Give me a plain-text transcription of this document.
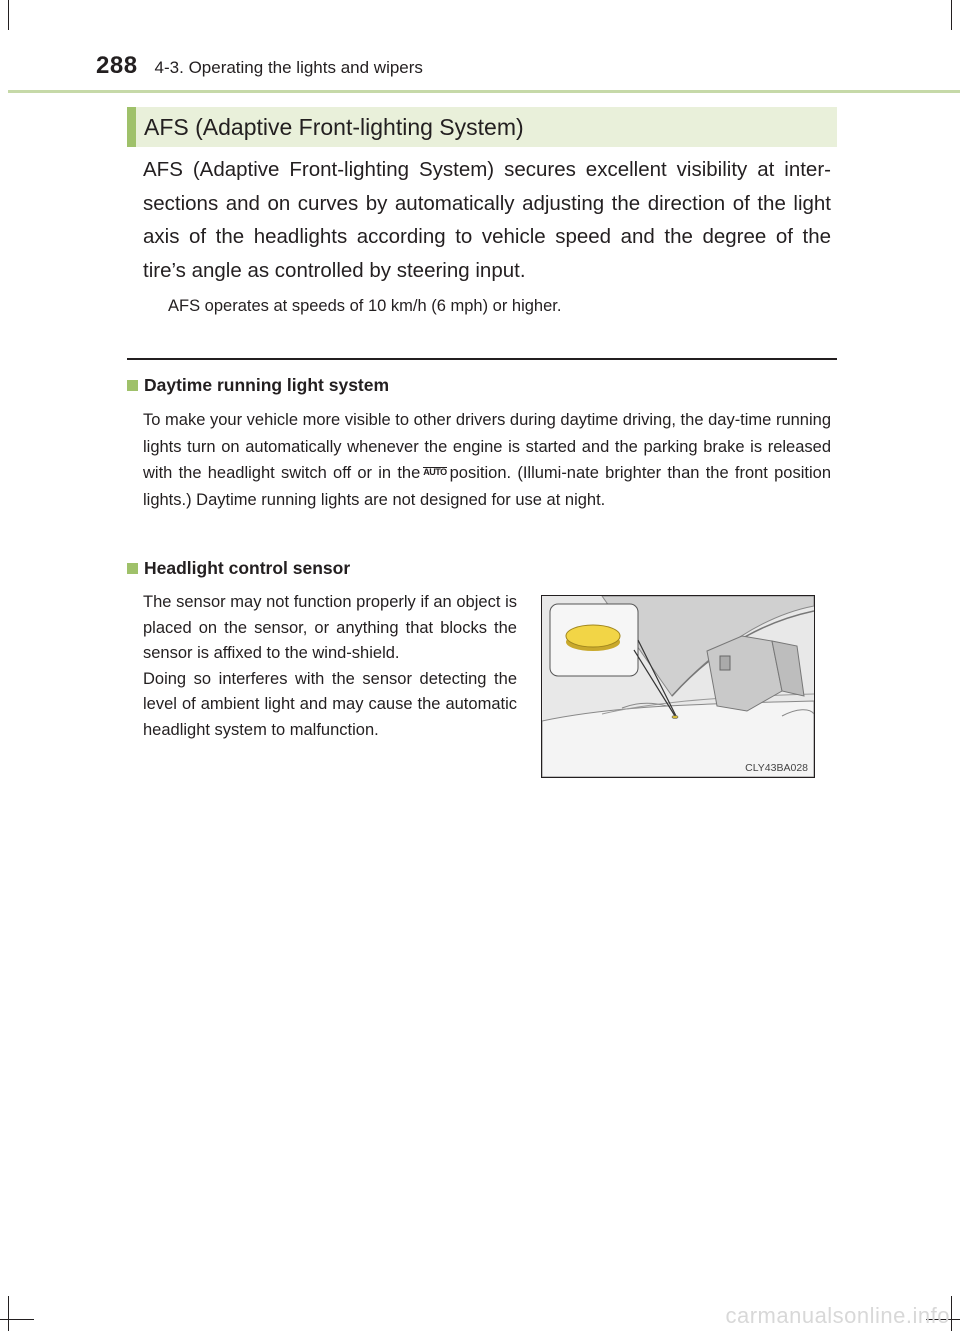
288 4-3. Operating the lights and wipers
AFS (Adaptive Front-lighting System)
AFS (Adaptive Front-lighting System) secures excellent visibility at inter-sections and on curves by automatically adjusting the direction of the light axis of the headlights according to vehicle speed and the degree of the tire’s angle as controlled by steering input.
AFS operates at speeds of 10 km/h (6 mph) or higher.
Daytime running light system
To make your vehicle more visible to other drivers during daytime driving, the day-time running lights turn on automatically whenever the engine is started and the parking brake is released with the headlight switch off or in the AUTO position. (Illumi-nate brighter than the front position lights.) Daytime running lights are not designed for use at night.
Headlight control sensor
The sensor may not function properly if an object is placed on the sensor, or anything that blocks the sensor is affixed to the wind-shield.
Doing so interferes with the sensor detecting the level of ambient light and may cause the automatic headlight system to malfunction.
CLY43BA028
carmanualsonline.info
